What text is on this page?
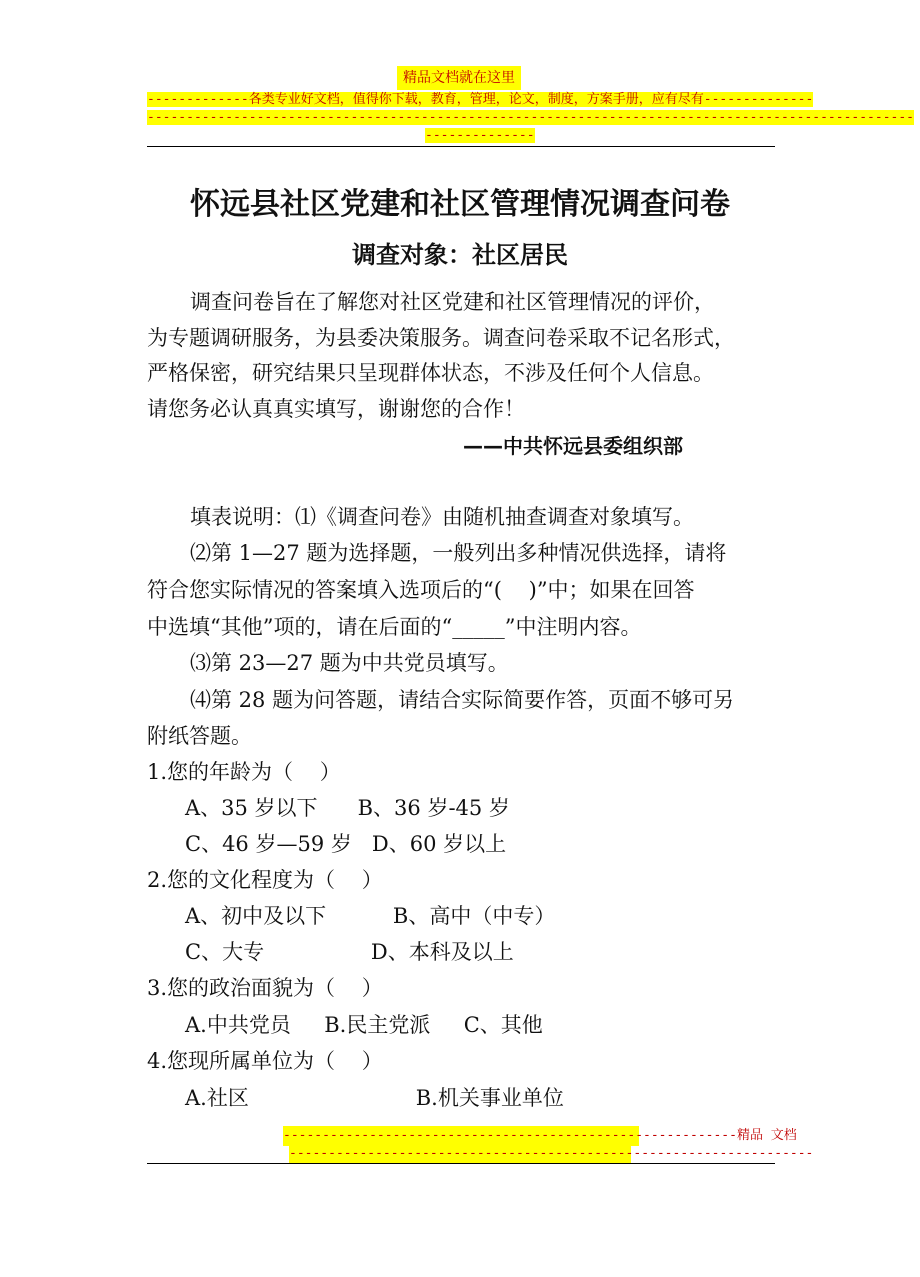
精品文档就在这里
-------------各类专业好文档，值得你下载，教育，管理，论文，制度，方案手册，应有尽有--------------
--------------------------------------------------------------------------------------------------
--------------
怀远县社区党建和社区管理情况调查问卷
调查对象：社区居民
调查问卷旨在了解您对社区党建和社区管理情况的评价，
为专题调研服务，为县委决策服务。调查问卷采取不记名形式，
严格保密，研究结果只呈现群体状态，不涉及任何个人信息。
请您务必认真真实填写，谢谢您的合作！
——中共怀远县委组织部
填表说明：⑴《调查问卷》由随机抽查调查对象填写。
⑵第 1—27 题为选择题，一般列出多种情况供选择，请将
符合您实际情况的答案填入选项后的“(    )”中；如果在回答
中选填“其他”项的，请在后面的“_____”中注明内容。
⑶第 23—27 题为中共党员填写。
⑷第 28 题为问答题，请结合实际简要作答，页面不够可另
附纸答题。
1.您的年龄为（    ）
A、35 岁以下      B、36 岁-45 岁
C、46 岁—59 岁   D、60 岁以上
2.您的文化程度为（    ）
A、初中及以下          B、高中（中专）
C、大专                D、本科及以上
3.您的政治面貌为（    ）
A.中共党员     B.民主党派     C、其他
4.您现所属单位为（    ）
A.社区                         B.机关事业单位
----------------------------------------------------------精品 文档
-------------------------------------------------------------------
